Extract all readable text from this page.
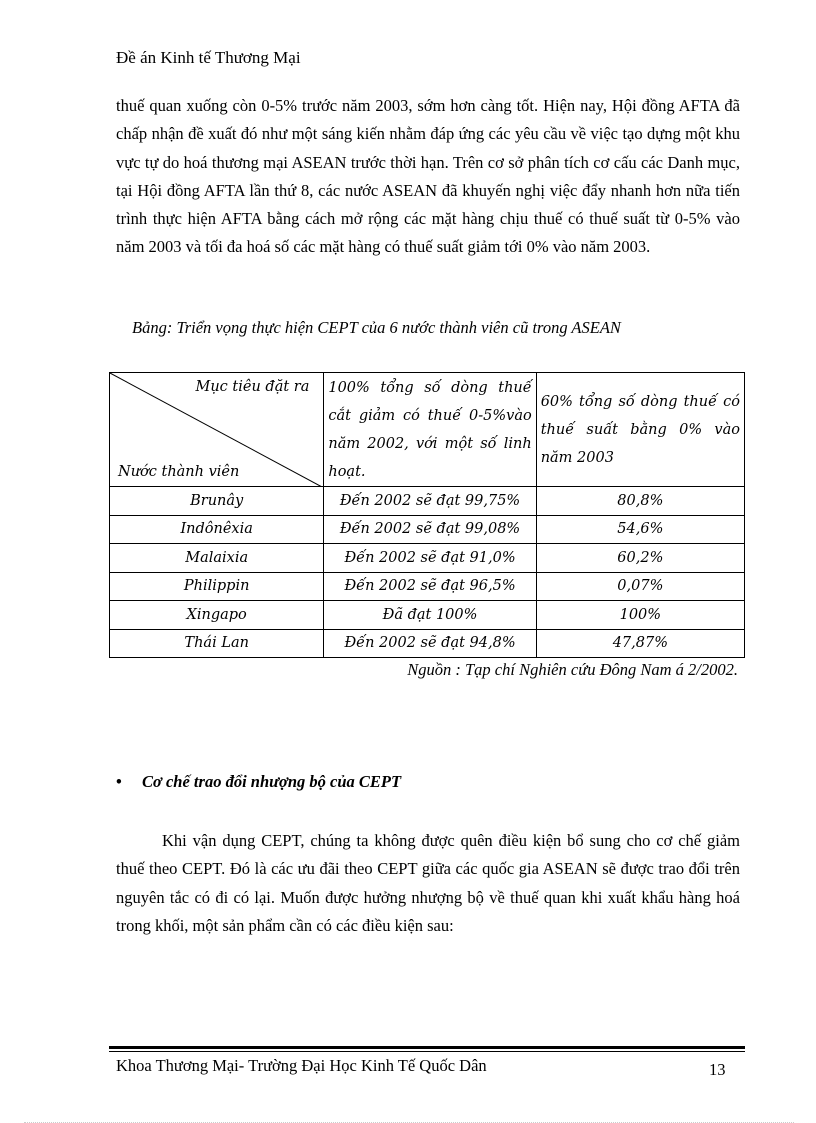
Đề án Kinh tế Thương Mại
thuế quan xuống còn 0-5% trước năm 2003, sớm hơn càng tốt. Hiện nay, Hội đồng AFTA đã chấp nhận đề xuất đó như một sáng kiến nhằm đáp ứng các yêu cầu về việc tạo dựng một khu vực tự do hoá thương mại ASEAN trước thời hạn. Trên cơ sở phân tích cơ cấu các Danh mục, tại Hội đồng AFTA lần thứ 8, các nước ASEAN đã khuyến nghị việc đẩy nhanh hơn nữa tiến trình thực hiện AFTA bằng cách mở rộng các mặt hàng chịu thuế có thuế suất từ 0-5% vào năm 2003 và tối đa hoá số các mặt hàng có thuế suất giảm tới 0% vào năm 2003.
Bảng: Triển vọng thực hiện CEPT của 6 nước thành viên cũ trong ASEAN
Mục tiêu đặt ra
Nước thành viên	100% tổng số dòng thuế cắt giảm có thuế 0-5%vào năm 2002, với một số linh hoạt.	60% tổng số dòng thuế có thuế suất bằng 0% vào năm 2003
Brunây	Đến 2002 sẽ đạt 99,75%	80,8%
Indônêxia	Đến 2002 sẽ đạt 99,08%	54,6%
Malaixia	Đến 2002 sẽ đạt 91,0%	60,2%
Philippin	Đến 2002 sẽ đạt 96,5%	0,07%
Xingapo	Đã đạt 100%	100%
Thái Lan	Đến 2002 sẽ đạt 94,8%	47,87%
Nguồn : Tạp chí Nghiên cứu Đông Nam á 2/2002.
• Cơ chế trao đổi nhượng bộ của CEPT
Khi vận dụng CEPT, chúng ta không được quên điều kiện bổ sung cho cơ chế giảm thuế theo CEPT. Đó là các ưu đãi theo CEPT giữa các quốc gia ASEAN sẽ được trao đổi trên nguyên tắc có đi có lại. Muốn được hưởng nhượng bộ về thuế quan khi xuất khẩu hàng hoá trong khối, một sản phẩm cần có các điều kiện sau:
Khoa Thương Mại- Trường Đại Học Kinh Tế Quốc Dân	13
